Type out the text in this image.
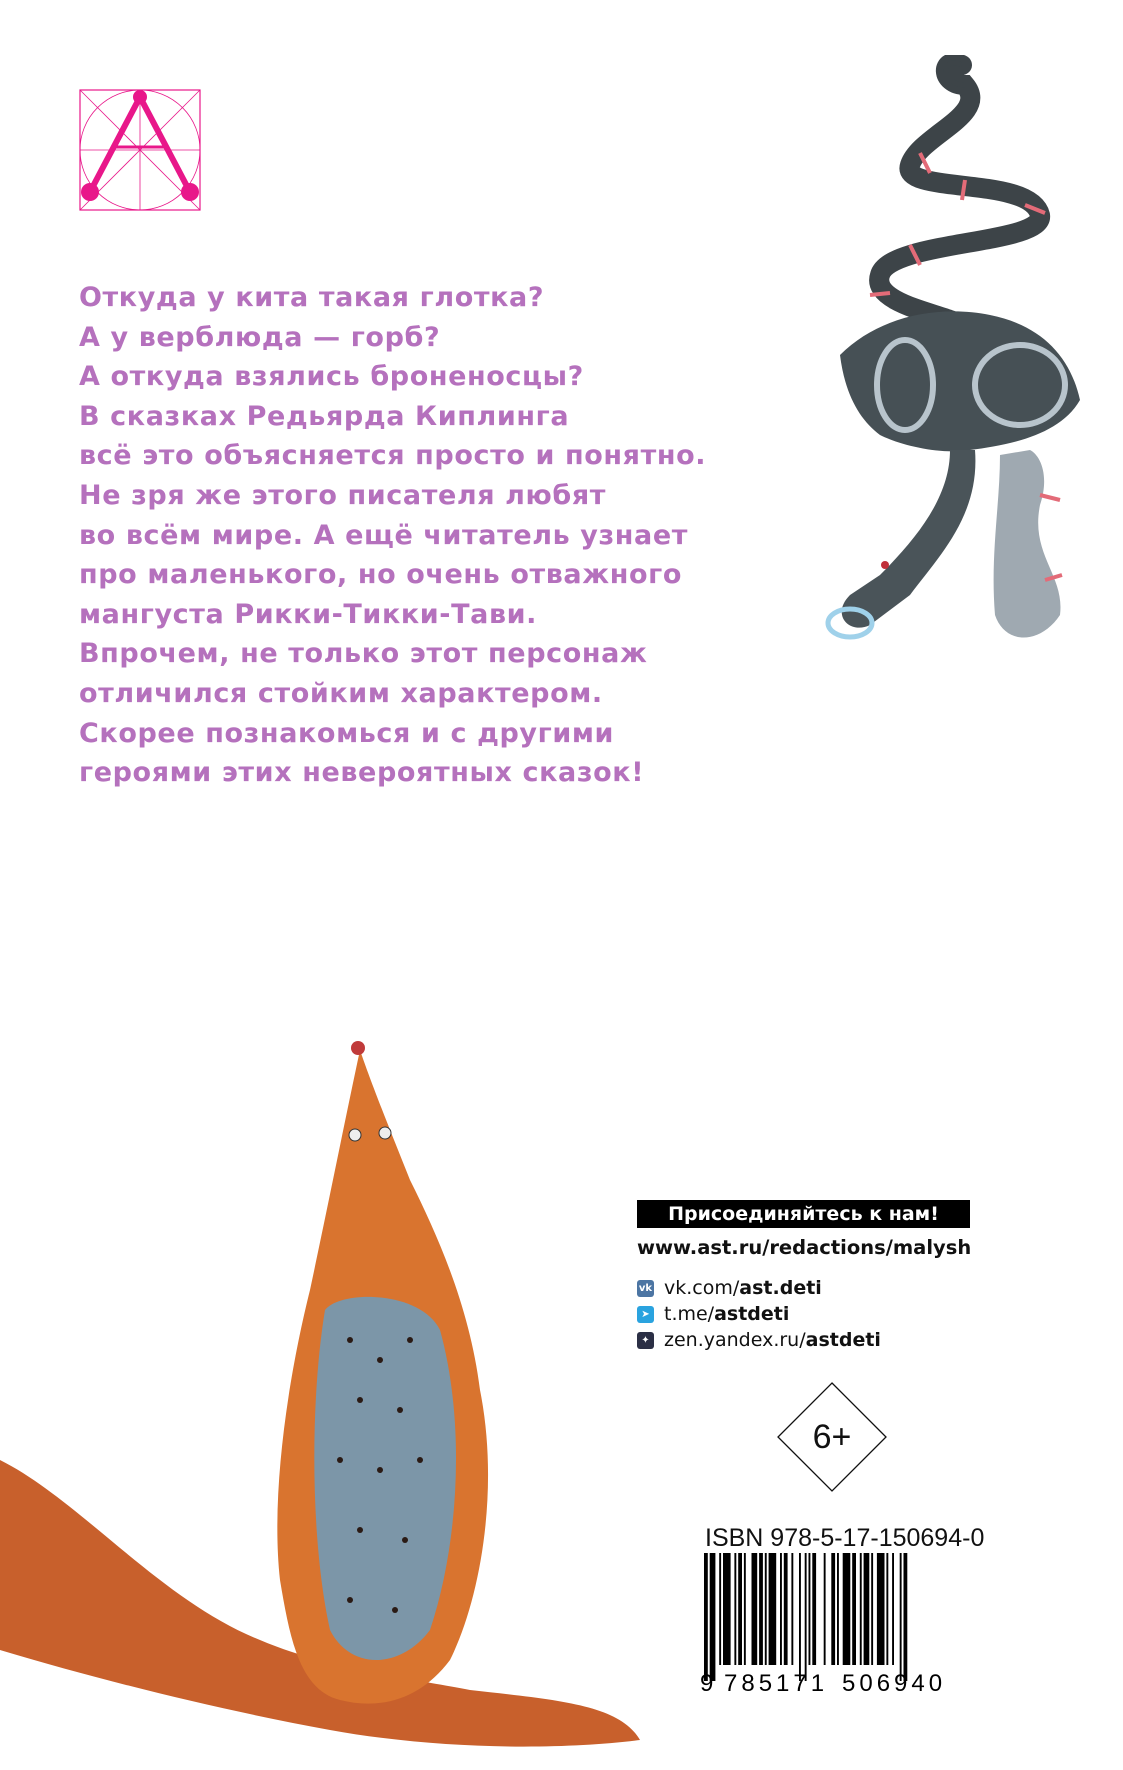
Откуда у кита такая глотка?
А у верблюда — горб?
А откуда взялись броненосцы?
В сказках Редьярда Киплинга
всё это объясняется просто и понятно.
Не зря же этого писателя любят
во всём мире. А ещё читатель узнает
про маленького, но очень отважного
мангуста Рикки-Тикки-Тави.
Впрочем, не только этот персонаж
отличился стойким характером.
Скорее познакомься и с другими
героями этих невероятных сказок!
Присоединяйтесь к нам!
www.ast.ru/redactions/malysh
vk vk.com/ ast.deti
➤ t.me/ astdeti
✦ zen.yandex.ru/ astdeti
6+
ISBN 978-5-17-150694-0
9 785171 506940
